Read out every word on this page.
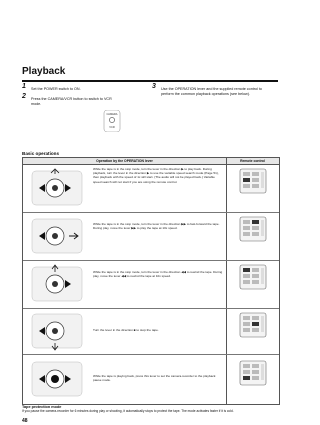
Playback
1 Set the POWER switch to ON.
2 Press the CAMERA/VCR button to switch to VCR mode.
3 Use the OPERATION lever and the supplied remote control to perform the common playback operations (see below).
CAMERA
VCR
Basic operations
Operation by the OPERATION lever	Remote control
While the tape is in the stop mode, turn the lever in the direction ▶ to play back. During playback, turn the lever in the direction ▶ to use the variable speed search mode (Page 51), then playback with the speed of 1x will start. (The audio will not be played back.) Variable speed search will not start if you are using the remote control.
While the tape is in the stop mode, turn the lever in the direction ▶▶ to fast-forward the tape. During play, move the lever ▶▶ to play the tape at 10x speed.
While the tape is in the stop mode, turn the lever in the direction ◀◀ to rewind the tape. During play, move the lever ◀◀ to rewind the tape at 10x speed.
Turn the lever in the direction ■ to stop the tape.
While the tape is playing back, press this lever to set the camera-recorder to the playback pause mode.
Tape protection mode
If you pause the camera-recorder for 6 minutes during play or shooting, it automatically stops to protect the tape. The mode activates faster if it is cold.
48
